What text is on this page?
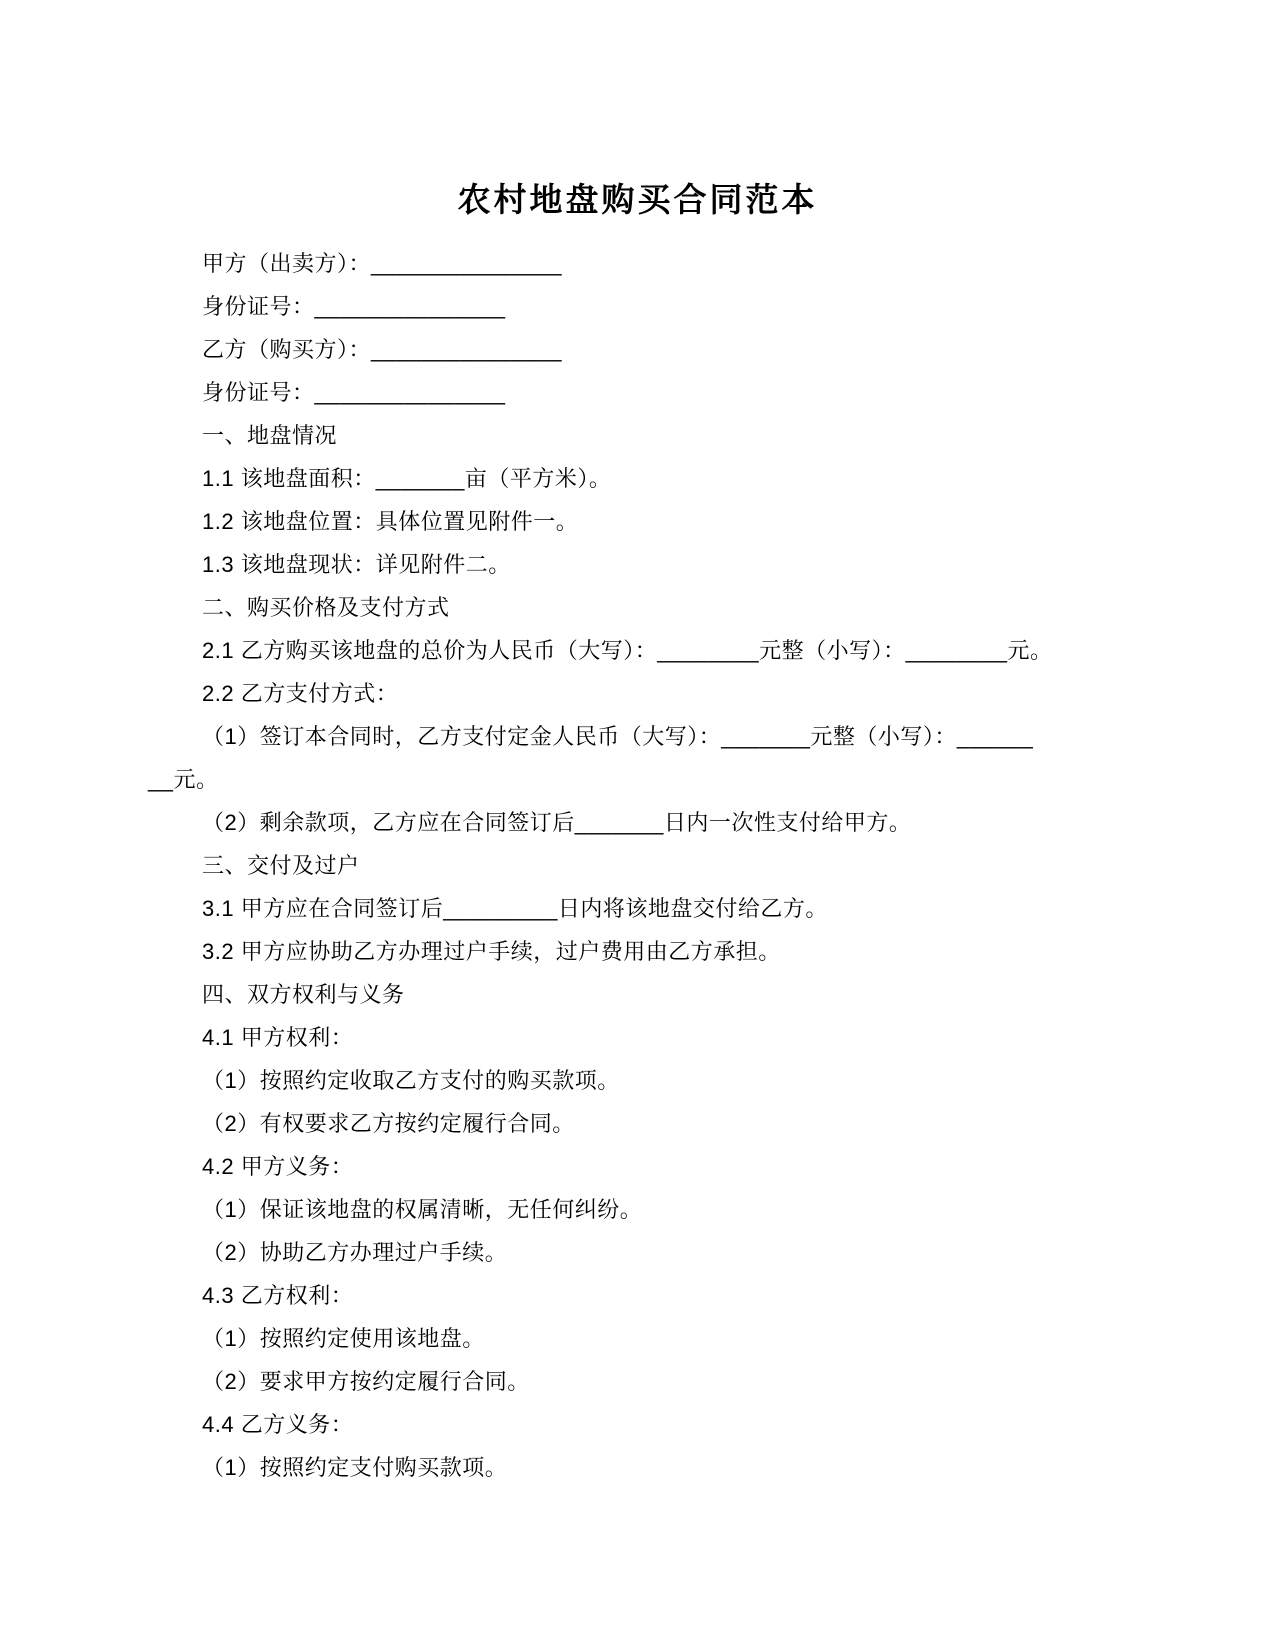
农村地盘购买合同范本

甲方（出卖方）：_______________

身份证号：_______________

乙方（购买方）：_______________

身份证号：_______________

一、地盘情况

1.1 该地盘面积：_______亩（平方米）。

1.2 该地盘位置：具体位置见附件一。

1.3 该地盘现状：详见附件二。

二、购买价格及支付方式

2.1 乙方购买该地盘的总价为人民币（大写）：________元整（小写）：________元。

2.2 乙方支付方式：

（1）签订本合同时，乙方支付定金人民币（大写）：_______元整（小写）：______

__元。

（2）剩余款项，乙方应在合同签订后_______日内一次性支付给甲方。

三、交付及过户

3.1 甲方应在合同签订后_________日内将该地盘交付给乙方。

3.2 甲方应协助乙方办理过户手续，过户费用由乙方承担。

四、双方权利与义务

4.1 甲方权利：

（1）按照约定收取乙方支付的购买款项。

（2）有权要求乙方按约定履行合同。

4.2 甲方义务：

（1）保证该地盘的权属清晰，无任何纠纷。

（2）协助乙方办理过户手续。

4.3 乙方权利：

（1）按照约定使用该地盘。

（2）要求甲方按约定履行合同。

4.4 乙方义务：

（1）按照约定支付购买款项。
